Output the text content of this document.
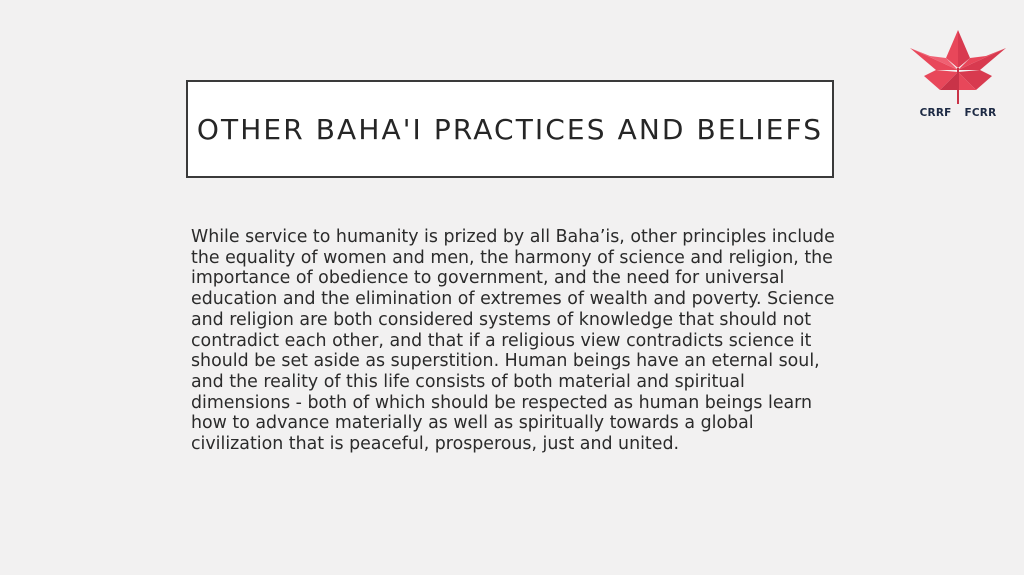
CRRF FCRR
OTHER BAHA'I PRACTICES AND BELIEFS

While service to humanity is prized by all Baha’is, other principles include the equality of women and men, the harmony of science and religion, the importance of obedience to government, and the need for universal education and the elimination of extremes of wealth and poverty. Science and religion are both considered systems of knowledge that should not contradict each other, and that if a religious view contradicts science it should be set aside as superstition. Human beings have an eternal soul, and the reality of this life consists of both material and spiritual dimensions - both of which should be respected as human beings learn how to advance materially as well as spiritually towards a global civilization that is peaceful, prosperous, just and united.
